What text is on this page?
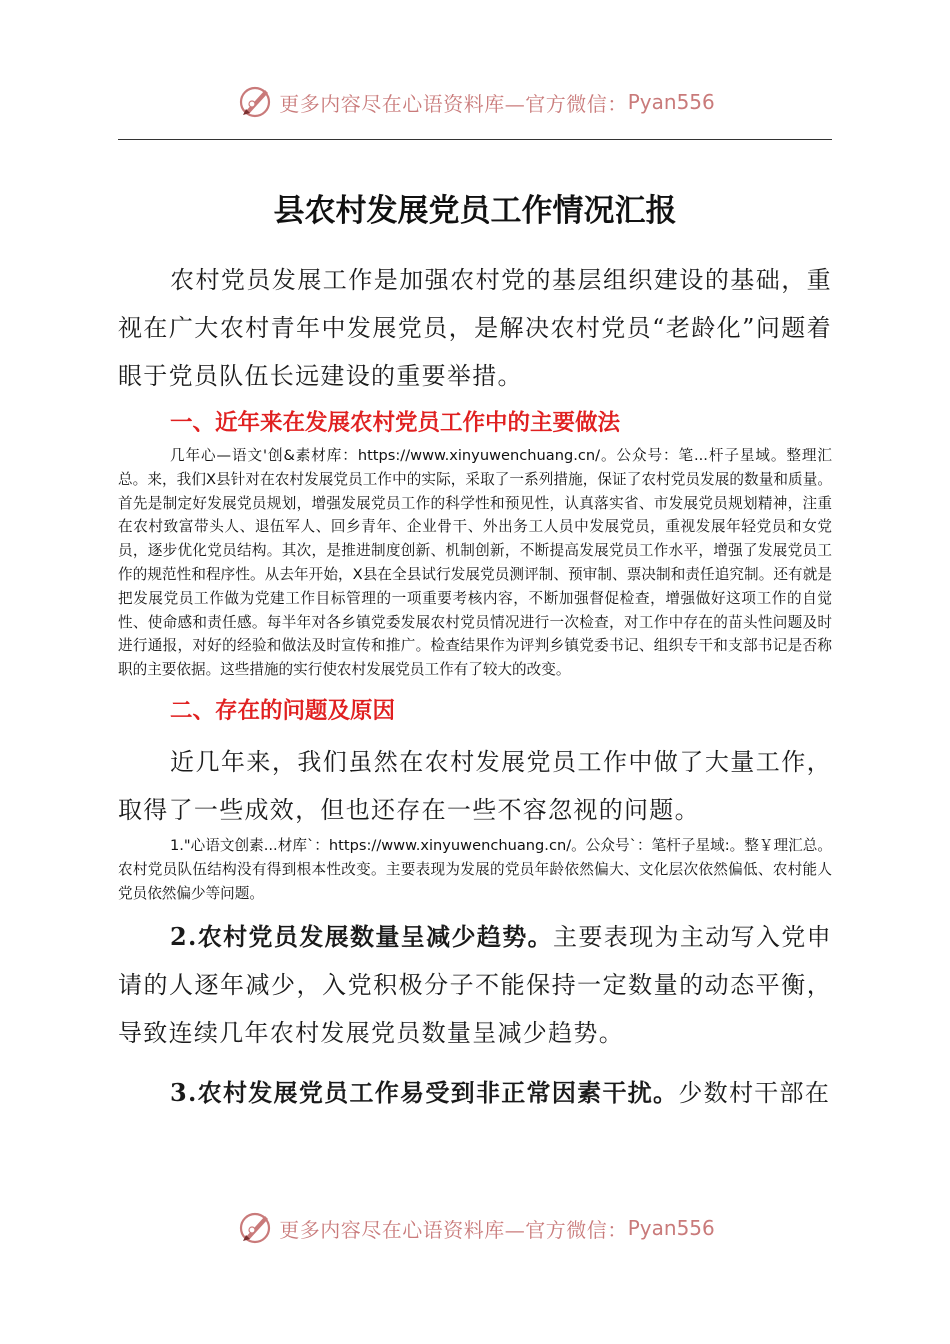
更多内容尽在心语资料库—官方微信： Pyan556
县农村发展党员工作情况汇报

农村党员发展工作是加强农村党的基层组织建设的基础，重视在广大农村青年中发展党员，是解决农村党员“老龄化”问题着眼于党员队伍长远建设的重要举措。

一、近年来在发展农村党员工作中的主要做法

几年心—语文'创&素材库：https://www.xinyuwenchuang.cn/。公众号：笔...杆子星域。整理汇总。来，我们X县针对在农村发展党员工作中的实际，采取了一系列措施，保证了农村党员发展的数量和质量。首先是制定好发展党员规划，增强发展党员工作的科学性和预见性，认真落实省、市发展党员规划精神，注重在农村致富带头人、退伍军人、回乡青年、企业骨干、外出务工人员中发展党员，重视发展年轻党员和女党员，逐步优化党员结构。其次，是推进制度创新、机制创新，不断提高发展党员工作水平，增强了发展党员工作的规范性和程序性。从去年开始，X县在全县试行发展党员测评制、预审制、票决制和责任追究制。还有就是把发展党员工作做为党建工作目标管理的一项重要考核内容，不断加强督促检查，增强做好这项工作的自觉性、使命感和责任感。每半年对各乡镇党委发展农村党员情况进行一次检查，对工作中存在的苗头性问题及时进行通报，对好的经验和做法及时宣传和推广。检查结果作为评判乡镇党委书记、组织专干和支部书记是否称职的主要依据。这些措施的实行使农村发展党员工作有了较大的改变。

二、存在的问题及原因

近几年来，我们虽然在农村发展党员工作中做了大量工作，取得了一些成效，但也还存在一些不容忽视的问题。

1."心语文创素...材库`：https://www.xinyuwenchuang.cn/。公众号`：笔杆子星域:。整￥理汇总。农村党员队伍结构没有得到根本性改变。主要表现为发展的党员年龄依然偏大、文化层次依然偏低、农村能人党员依然偏少等问题。

2.农村党员发展数量呈减少趋势。主要表现为主动写入党申请的人逐年减少，入党积极分子不能保持一定数量的动态平衡，导致连续几年农村发展党员数量呈减少趋势。

3.农村发展党员工作易受到非正常因素干扰。少数村干部在

更多内容尽在心语资料库—官方微信： Pyan556
